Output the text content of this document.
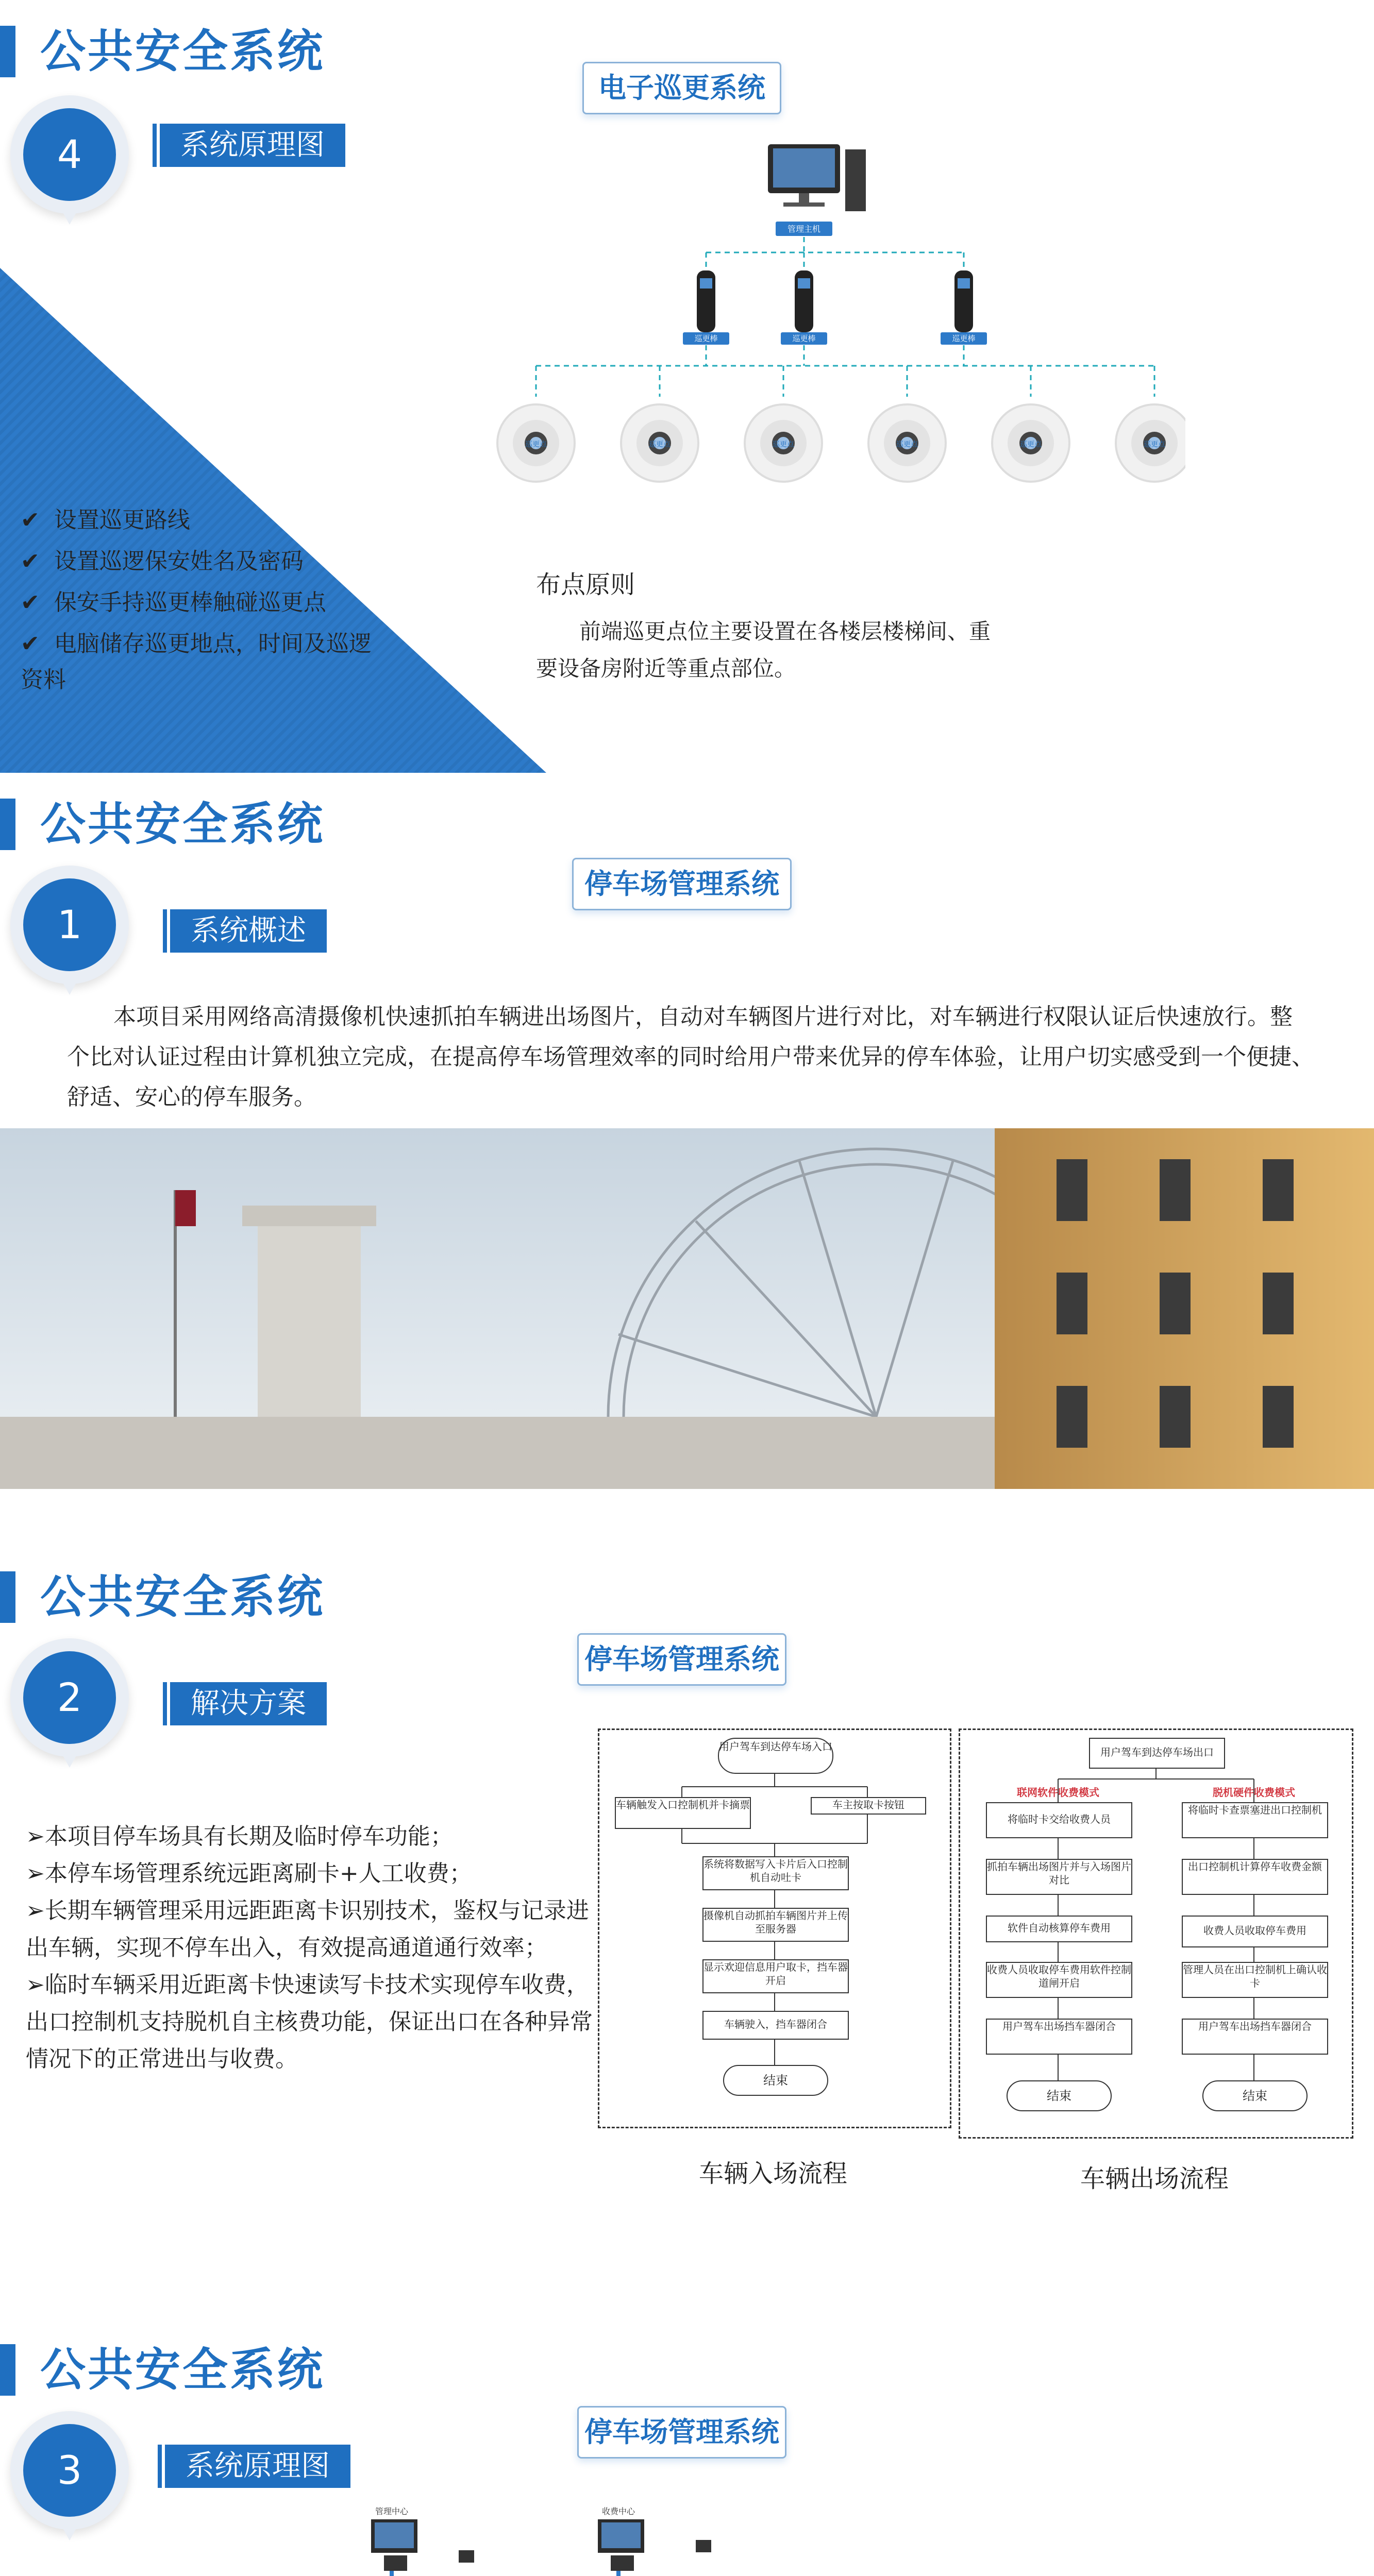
公共安全系统
4	系统原理图
电子巡更系统
管理主机
巡更棒	巡更棒	巡更棒
巡更点	巡更点	巡更点	巡更点	巡更点	巡更点
✔  设置巡更路线
✔  设置巡逻保安姓名及密码
✔  保安手持巡更棒触碰巡更点
✔  电脑储存巡更地点，时间及巡逻资料
布点原则
前端巡更点位主要设置在各楼层楼梯间、重
要设备房附近等重点部位。
公共安全系统
1	系统概述
停车场管理系统
本项目采用网络高清摄像机快速抓拍车辆进出场图片，自动对车辆图片进行对比，对车辆进行权限认证后快速放行。整
个比对认证过程由计算机独立完成，在提高停车场管理效率的同时给用户带来优异的停车体验，让用户切实感受到一个便捷、
舒适、安心的停车服务。
公共安全系统
2	解决方案
停车场管理系统
➢本项目停车场具有长期及临时停车功能；
➢本停车场管理系统远距离刷卡+人工收费；
➢长期车辆管理采用远距距离卡识别技术，鉴权与记录进
出车辆，实现不停车出入，有效提高通道通行效率；
➢临时车辆采用近距离卡快速读写卡技术实现停车收费，
出口控制机支持脱机自主核费功能，保证出口在各种异常
情况下的正常进出与收费。
用户驾车到达停车场入口
车辆触发入口控制机并卡摘票	车主按取卡按钮
系统将数据写入卡片后入口控制机自动吐卡
摄像机自动抓拍车辆图片并上传至服务器
显示欢迎信息用户取卡，挡车器开启
车辆驶入，挡车器闭合
结束
车辆入场流程
用户驾车到达停车场出口
联网软件收费模式	脱机硬件收费模式
将临时卡交给收费人员
抓拍车辆出场图片并与入场图片对比
软件自动核算停车费用
收费人员收取停车费用软件控制道闸开启
用户驾车出场挡车器闭合
结束
将临时卡查票塞进出口控制机
出口控制机计算停车收费金额
收费人员收取停车费用
管理人员在出口控制机上确认收卡
用户驾车出场挡车器闭合
结束
车辆出场流程
公共安全系统
3	系统原理图
停车场管理系统
管理中心	收费中心
